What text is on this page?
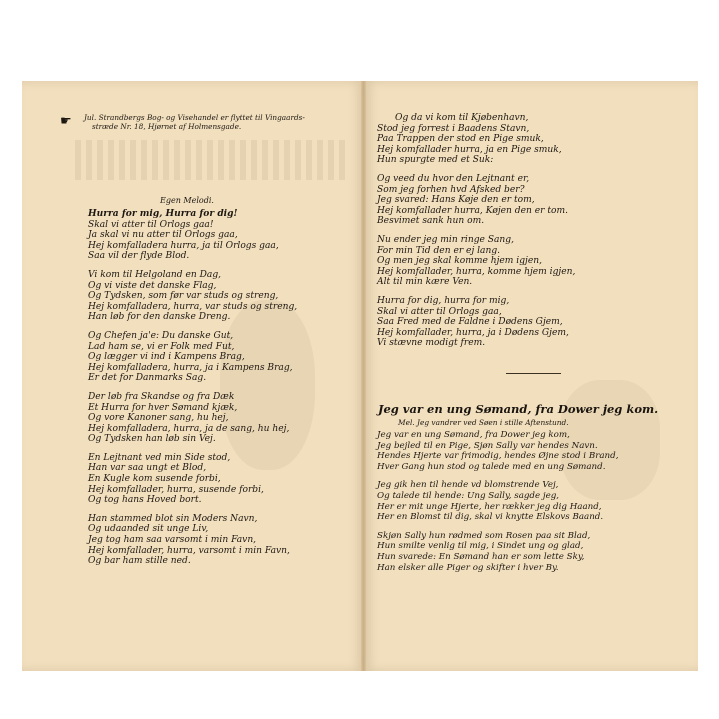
☛ Jul. Strandbergs Bog- og Visehandel er flyttet til Vingaards-
stræde Nr. 18, Hjørnet af Holmensgade.
Egen Melodi.
Hurra for mig, Hurra for dig!
Skal vi atter til Orlogs gaa!
Ja skal vi nu atter til Orlogs gaa,
Hej komfalladera hurra, ja til Orlogs gaa,
Saa vil der flyde Blod.
Vi kom til Helgoland en Dag,
Og vi viste det danske Flag,
Og Tydsken, som før var studs og streng,
Hej komfalladera, hurra, var studs og streng,
Han løb for den danske Dreng.
Og Chefen ja'e: Du danske Gut,
Lad ham se, vi er Folk med Fut,
Og lægger vi ind i Kampens Brag,
Hej komfalladera, hurra, ja i Kampens Brag,
Er det for Danmarks Sag.
Der løb fra Skandse og fra Dæk
Et Hurra for hver Sømand kjæk,
Og vore Kanoner sang, hu hej,
Hej komfalladera, hurra, ja de sang, hu hej,
Og Tydsken han løb sin Vej.
En Lejtnant ved min Side stod,
Han var saa ungt et Blod,
En Kugle kom susende forbi,
Hej komfallader, hurra, susende forbi,
Og tog hans Hoved bort.
Han stammed blot sin Moders Navn,
Og udaanded sit unge Liv,
Jeg tog ham saa varsomt i min Favn,
Hej komfallader, hurra, varsomt i min Favn,
Og bar ham stille ned.
Og da vi kom til Kjøbenhavn,
Stod jeg forrest i Baadens Stavn,
Paa Trappen der stod en Pige smuk,
Hej komfallader hurra, ja en Pige smuk,
Hun spurgte med et Suk:
Og veed du hvor den Lejtnant er,
Som jeg forhen hvd Afsked ber?
Jeg svared: Hans Køje den er tom,
Hej komfallader hurra, Køjen den er tom.
Besvimet sank hun om.
Nu ender jeg min ringe Sang,
For min Tid den er ej lang.
Og men jeg skal komme hjem igjen,
Hej komfallader, hurra, komme hjem igjen,
Alt til min kære Ven.
Hurra for dig, hurra for mig,
Skal vi atter til Orlogs gaa,
Saa Fred med de Faldne i Dødens Gjem,
Hej komfallader, hurra, ja i Dødens Gjem,
Vi stævne modigt frem.
Jeg var en ung Sømand, fra Dower jeg kom.
Mel. Jeg vandrer ved Søen i stille Aftenstund.
Jeg var en ung Sømand, fra Dower jeg kom,
Jeg bejled til en Pige, Sjøn Sally var hendes Navn.
Hendes Hjerte var frimodig, hendes Øjne stod i Brand,
Hver Gang hun stod og talede med en ung Sømand.
Jeg gik hen til hende vd blomstrende Vej,
Og talede til hende: Ung Sally, sagde jeg,
Her er mit unge Hjerte, her rækker jeg dig Haand,
Her en Blomst til dig, skal vi knytte Elskovs Baand.
Skjøn Sally hun rødmed som Rosen paa sit Blad,
Hun smilte venlig til mig, i Sindet ung og glad,
Hun svarede: En Sømand han er som lette Sky,
Han elsker alle Piger og skifter i hver By.
